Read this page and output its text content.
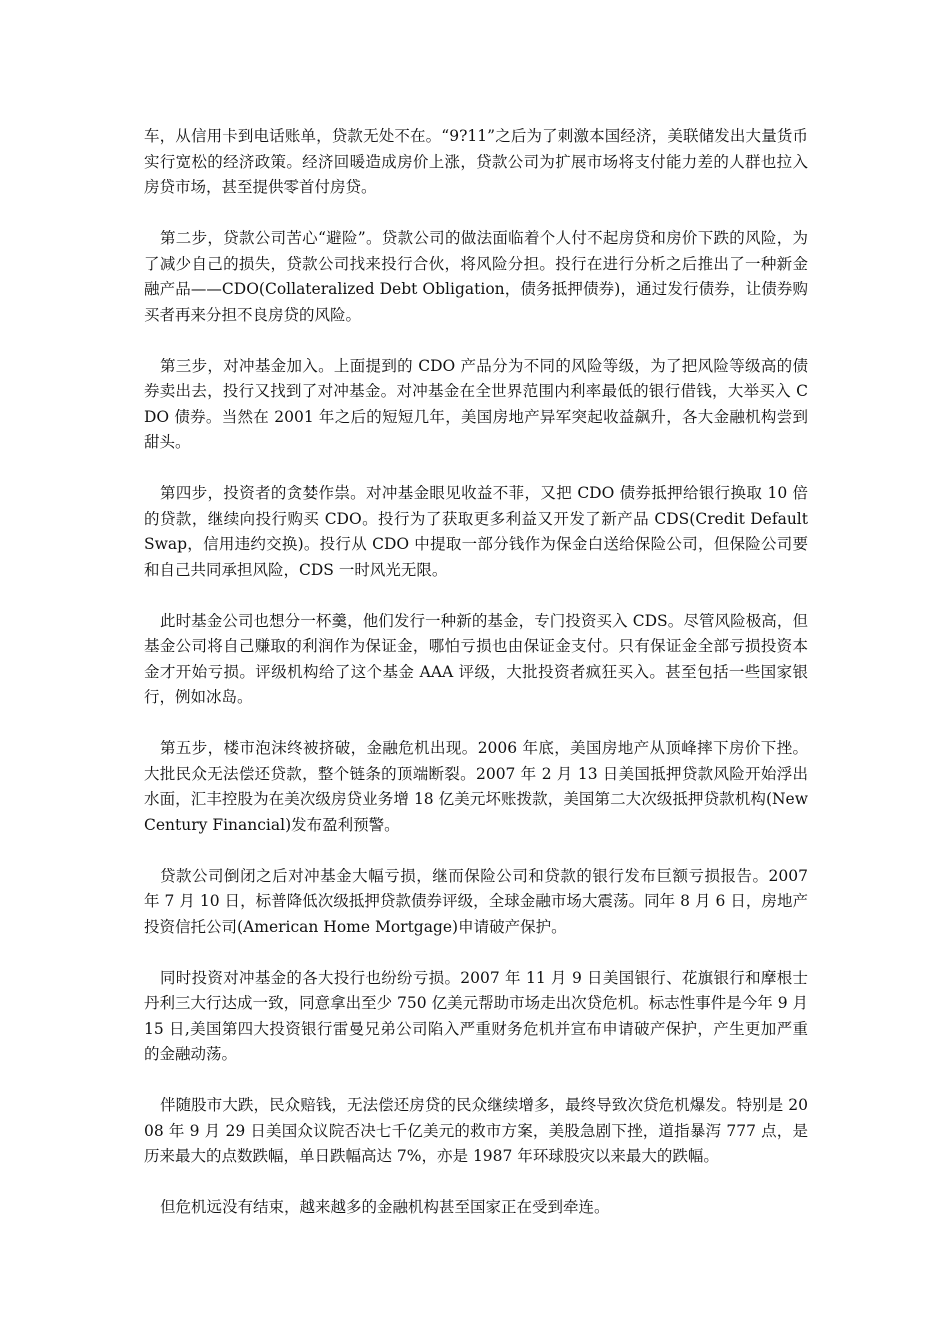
车，从信用卡到电话账单，贷款无处不在。“9?11”之后为了刺激本国经济，美联储发出大量货币实行宽松的经济政策。经济回暖造成房价上涨，贷款公司为扩展市场将支付能力差的人群也拉入房贷市场，甚至提供零首付房贷。

第二步，贷款公司苦心“避险”。贷款公司的做法面临着个人付不起房贷和房价下跌的风险，为了减少自己的损失，贷款公司找来投行合伙，将风险分担。投行在进行分析之后推出了一种新金融产品——CDO(Collateralized Debt Obligation，债务抵押债券)，通过发行债券，让债券购买者再来分担不良房贷的风险。

第三步，对冲基金加入。上面提到的 CDO 产品分为不同的风险等级，为了把风险等级高的债券卖出去，投行又找到了对冲基金。对冲基金在全世界范围内利率最低的银行借钱，大举买入 CDO 债券。当然在 2001 年之后的短短几年，美国房地产异军突起收益飙升，各大金融机构尝到甜头。

第四步，投资者的贪婪作祟。对冲基金眼见收益不菲，又把 CDO 债券抵押给银行换取 10 倍的贷款，继续向投行购买 CDO。投行为了获取更多利益又开发了新产品 CDS(Credit Default Swap，信用违约交换)。投行从 CDO 中提取一部分钱作为保金白送给保险公司，但保险公司要和自己共同承担风险，CDS 一时风光无限。

此时基金公司也想分一杯羹，他们发行一种新的基金，专门投资买入 CDS。尽管风险极高，但基金公司将自己赚取的利润作为保证金，哪怕亏损也由保证金支付。只有保证金全部亏损投资本金才开始亏损。评级机构给了这个基金 AAA 评级，大批投资者疯狂买入。甚至包括一些国家银行，例如冰岛。

第五步，楼市泡沫终被挤破，金融危机出现。2006 年底，美国房地产从顶峰摔下房价下挫。大批民众无法偿还贷款，整个链条的顶端断裂。2007 年 2 月 13 日美国抵押贷款风险开始浮出水面，汇丰控股为在美次级房贷业务增 18 亿美元坏账拨款，美国第二大次级抵押贷款机构(New Century Financial)发布盈利预警。

贷款公司倒闭之后对冲基金大幅亏损，继而保险公司和贷款的银行发布巨额亏损报告。2007 年 7 月 10 日，标普降低次级抵押贷款债券评级，全球金融市场大震荡。同年 8 月 6 日，房地产投资信托公司(American Home Mortgage)申请破产保护。

同时投资对冲基金的各大投行也纷纷亏损。2007 年 11 月 9 日美国银行、花旗银行和摩根士丹利三大行达成一致，同意拿出至少 750 亿美元帮助市场走出次贷危机。标志性事件是今年 9 月 15 日,美国第四大投资银行雷曼兄弟公司陷入严重财务危机并宣布申请破产保护，产生更加严重的金融动荡。

伴随股市大跌，民众赔钱，无法偿还房贷的民众继续增多，最终导致次贷危机爆发。特别是 2008 年 9 月 29 日美国众议院否决七千亿美元的救市方案，美股急剧下挫，道指暴泻 777 点，是历来最大的点数跌幅，单日跌幅高达 7%，亦是 1987 年环球股灾以来最大的跌幅。

但危机远没有结束，越来越多的金融机构甚至国家正在受到牵连。
